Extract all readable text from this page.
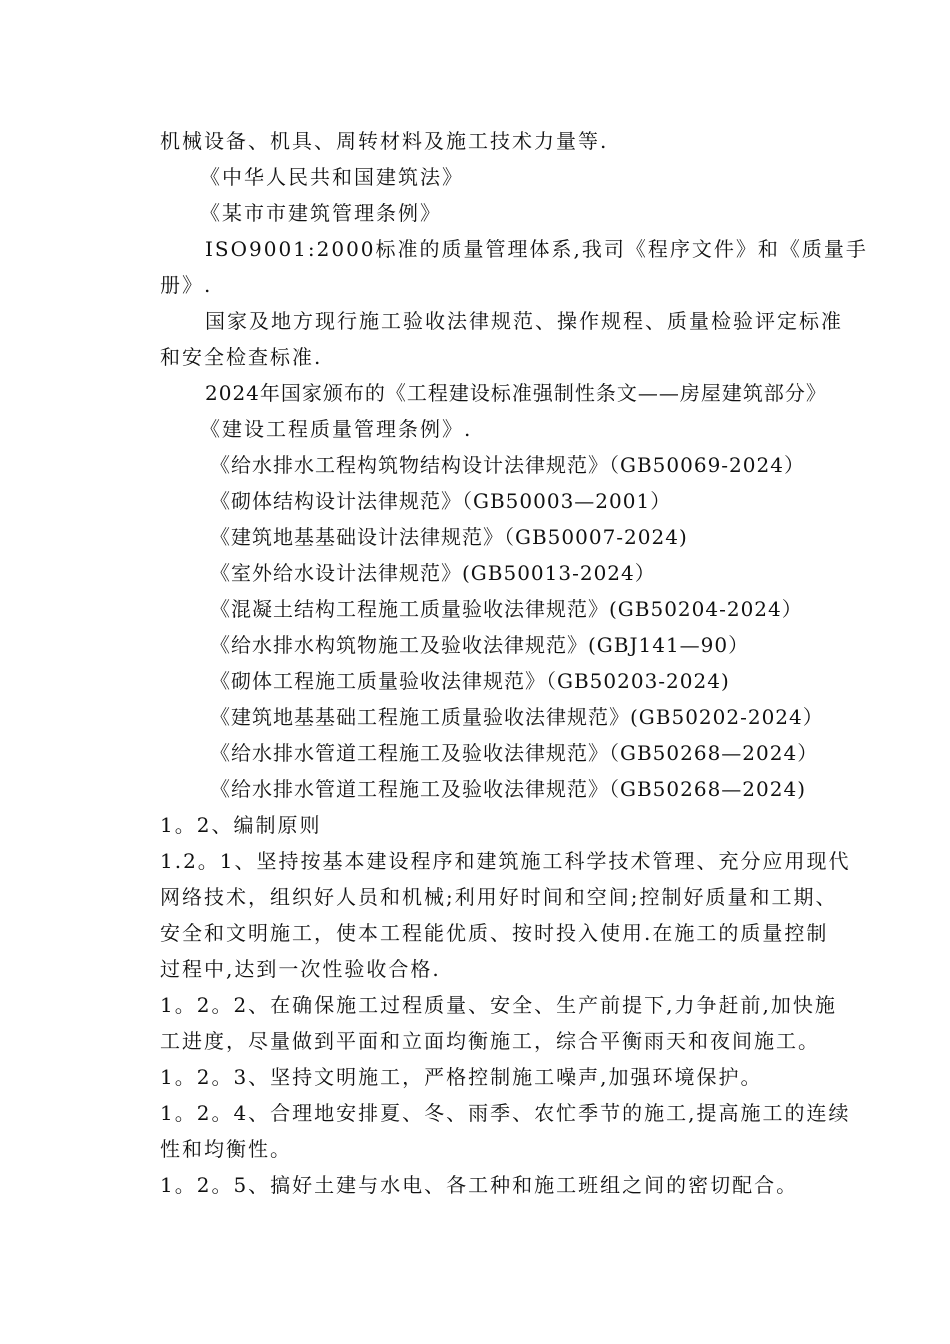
机械设备、机具、周转材料及施工技术力量等.
《中华人民共和国建筑法》
《某市市建筑管理条例》
ISO9001:2000标准的质量管理体系,我司《程序文件》和《质量手
册》.
国家及地方现行施工验收法律规范、操作规程、质量检验评定标准
和安全检查标准.
2024年国家颁布的《工程建设标准强制性条文——房屋建筑部分》
《建设工程质量管理条例》.
《给水排水工程构筑物结构设计法律规范》（GB50069-2024）
《砌体结构设计法律规范》（GB50003—2001）
《建筑地基基础设计法律规范》（GB50007-2024)
《室外给水设计法律规范》(GB50013-2024）
《混凝土结构工程施工质量验收法律规范》(GB50204-2024）
《给水排水构筑物施工及验收法律规范》(GBJ141—90）
《砌体工程施工质量验收法律规范》（GB50203-2024)
《建筑地基基础工程施工质量验收法律规范》(GB50202-2024）
《给水排水管道工程施工及验收法律规范》（GB50268—2024）
《给水排水管道工程施工及验收法律规范》（GB50268—2024)
1。2、编制原则
1.2。1、坚持按基本建设程序和建筑施工科学技术管理、充分应用现代
网络技术，组织好人员和机械;利用好时间和空间;控制好质量和工期、
安全和文明施工，使本工程能优质、按时投入使用.在施工的质量控制
过程中,达到一次性验收合格.
1。2。2、在确保施工过程质量、安全、生产前提下,力争赶前,加快施
工进度，尽量做到平面和立面均衡施工，综合平衡雨天和夜间施工。
1。2。3、坚持文明施工，严格控制施工噪声,加强环境保护。
1。2。4、合理地安排夏、冬、雨季、农忙季节的施工,提高施工的连续
性和均衡性。
1。2。5、搞好土建与水电、各工种和施工班组之间的密切配合。
